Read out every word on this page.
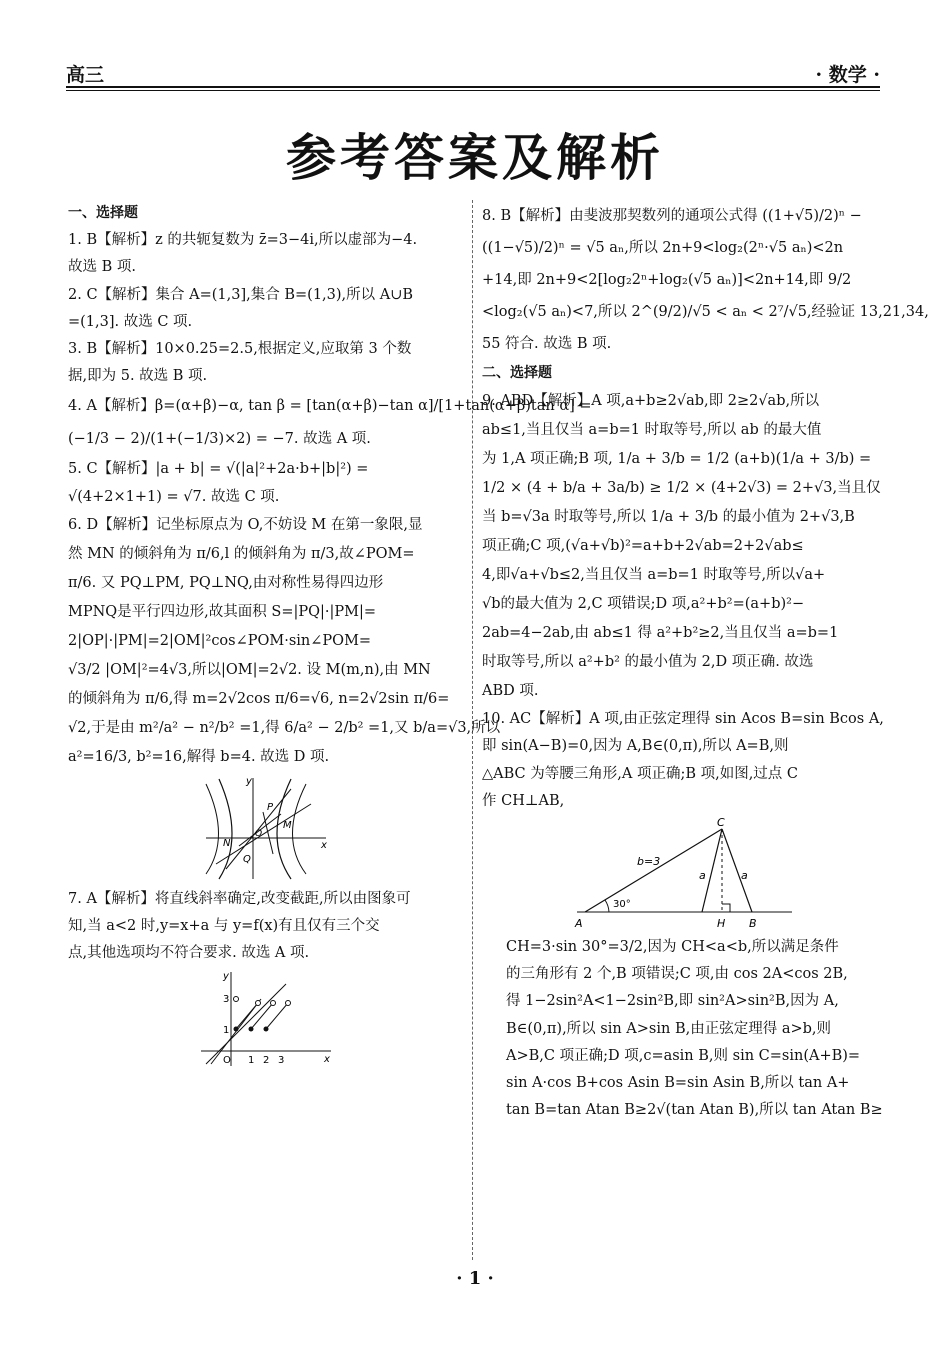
高三	· 数学 ·
参考答案及解析
一、选择题
1. B【解析】z 的共轭复数为 z̄=3−4i,所以虚部为−4.
故选 B 项.
2. C【解析】集合 A=(1,3],集合 B=(1,3),所以 A∪B
=(1,3]. 故选 C 项.
3. B【解析】10×0.25=2.5,根据定义,应取第 3 个数
据,即为 5. 故选 B 项.
4. A【解析】β=(α+β)−α, tan β = [tan(α+β)−tan α]/[1+tan(α+β)tan α] =
(−1/3 − 2)/(1+(−1/3)×2) = −7. 故选 A 项.
5. C【解析】|a + b| = √(|a|²+2a·b+|b|²) =
√(4+2×1+1) = √7. 故选 C 项.
6. D【解析】记坐标原点为 O,不妨设 M 在第一象限,显
然 MN 的倾斜角为 π/6,l 的倾斜角为 π/3,故∠POM=
π/6. 又 PQ⊥PM, PQ⊥NQ,由对称性易得四边形
MPNQ是平行四边形,故其面积 S=|PQ|·|PM|=
2|OP|·|PM|=2|OM|²cos∠POM·sin∠POM=
√3/2 |OM|²=4√3,所以|OM|=2√2. 设 M(m,n),由 MN
的倾斜角为 π/6,得 m=2√2cos π/6=√6, n=2√2sin π/6=
√2,于是由 m²/a² − n²/b² =1,得 6/a² − 2/b² =1,又 b/a=√3,所以
a²=16/3, b²=16,解得 b=4. 故选 D 项.
y
x
P
M
N
Q
O
7. A【解析】将直线斜率确定,改变截距,所以由图象可
知,当 a<2 时,y=x+a 与 y=f(x)有且仅有三个交
点,其他选项均不符合要求. 故选 A 项.
y
x
O 1 2 3
1
3
8. B【解析】由斐波那契数列的通项公式得 ((1+√5)/2)ⁿ −
((1−√5)/2)ⁿ = √5 aₙ,所以 2n+9<log₂(2ⁿ·√5 aₙ)<2n
+14,即 2n+9<2[log₂2ⁿ+log₂(√5 aₙ)]<2n+14,即 9/2
<log₂(√5 aₙ)<7,所以 2^(9/2)/√5 < aₙ < 2⁷/√5,经验证 13,21,34,
55 符合. 故选 B 项.
二、选择题
9. ABD【解析】A 项,a+b≥2√ab,即 2≥2√ab,所以
ab≤1,当且仅当 a=b=1 时取等号,所以 ab 的最大值
为 1,A 项正确;B 项, 1/a + 3/b = 1/2 (a+b)(1/a + 3/b) =
1/2 × (4 + b/a + 3a/b) ≥ 1/2 × (4+2√3) = 2+√3,当且仅
当 b=√3a 时取等号,所以 1/a + 3/b 的最小值为 2+√3,B
项正确;C 项,(√a+√b)²=a+b+2√ab=2+2√ab≤
4,即√a+√b≤2,当且仅当 a=b=1 时取等号,所以√a+
√b的最大值为 2,C 项错误;D 项,a²+b²=(a+b)²−
2ab=4−2ab,由 ab≤1 得 a²+b²≥2,当且仅当 a=b=1
时取等号,所以 a²+b² 的最小值为 2,D 项正确. 故选
ABD 项.
10. AC【解析】A 项,由正弦定理得 sin Acos B=sin Bcos A,
即 sin(A−B)=0,因为 A,B∈(0,π),所以 A=B,则
△ABC 为等腰三角形,A 项正确;B 项,如图,过点 C
作 CH⊥AB,
C
A	H B
b=3
a	a
30°
CH=3·sin 30°=3/2,因为 CH<a<b,所以满足条件
的三角形有 2 个,B 项错误;C 项,由 cos 2A<cos 2B,
得 1−2sin²A<1−2sin²B,即 sin²A>sin²B,因为 A,
B∈(0,π),所以 sin A>sin B,由正弦定理得 a>b,则
A>B,C 项正确;D 项,c=asin B,则 sin C=sin(A+B)=
sin A·cos B+cos Asin B=sin Asin B,所以 tan A+
tan B=tan Atan B≥2√(tan Atan B),所以 tan Atan B≥
· 1 ·
